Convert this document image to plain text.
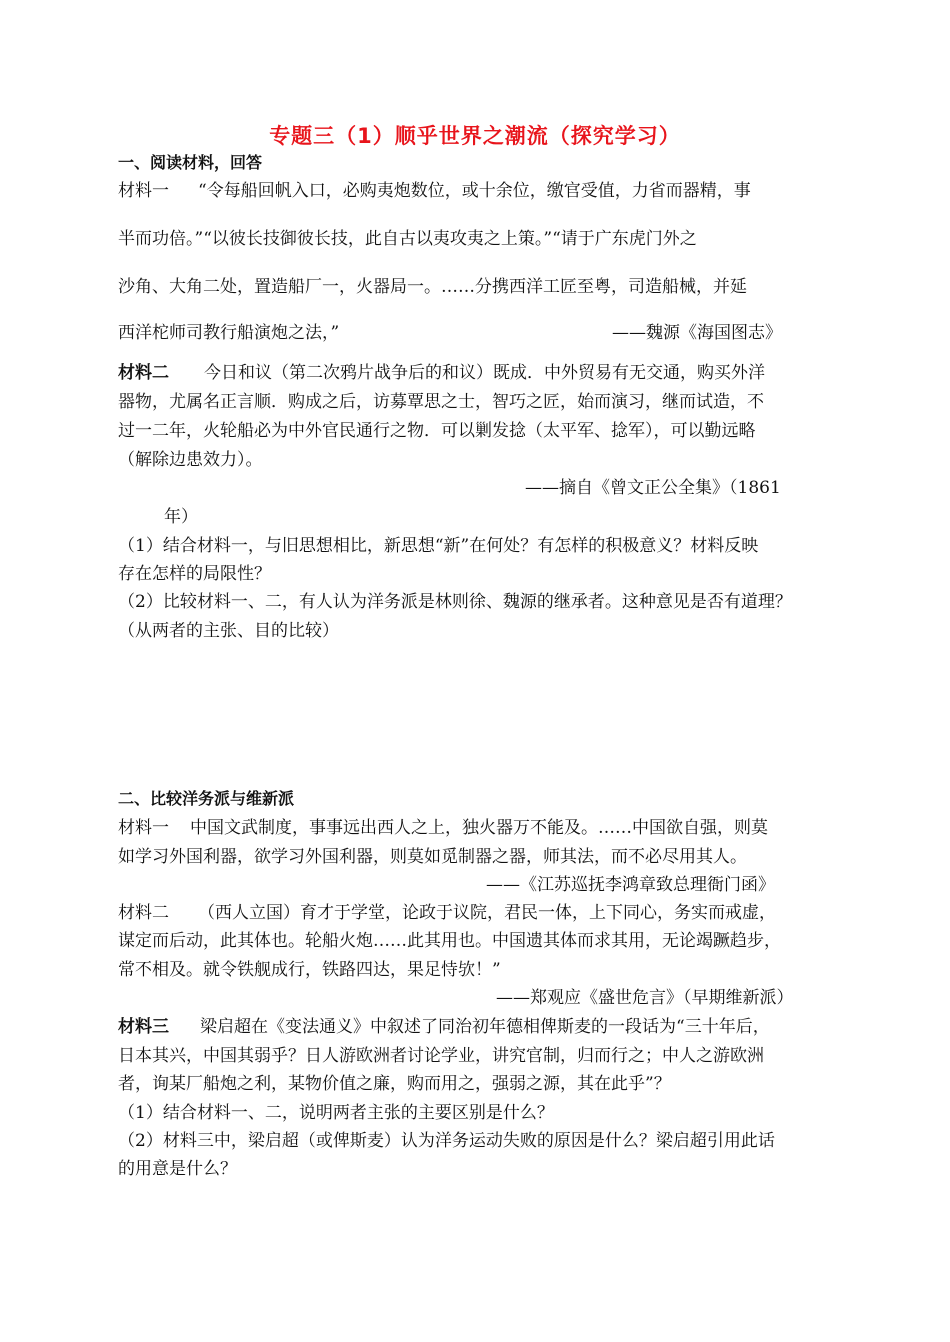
专题三（1）顺乎世界之潮流（探究学习）
一、阅读材料，回答
材料一 “令每船回帆入口，必购夷炮数位，或十余位，缴官受值，力省而器精，事
半而功倍。”“以彼长技御彼长技，此自古以夷攻夷之上策。”“请于广东虎门外之
沙角、大角二处，置造船厂一，火器局一。……分携西洋工匠至粤，司造船械，并延
西洋柁师司教行船演炮之法，”	——魏源《海国图志》
材料二 今日和议（第二次鸦片战争后的和议）既成．中外贸易有无交通，购买外洋
器物，尤属名正言顺．购成之后，访募覃思之士，智巧之匠，始而演习，继而试造，不
过一二年，火轮船必为中外官民通行之物．可以剿发捻（太平军、捻军），可以勤远略
（解除边患效力）。
——摘自《曾文正公全集》（1861
年）
（1）结合材料一，与旧思想相比，新思想“新”在何处？有怎样的积极意义？材料反映
存在怎样的局限性？
（2）比较材料一、二，有人认为洋务派是林则徐、魏源的继承者。这种意见是否有道理？
（从两者的主张、目的比较）
二、比较洋务派与维新派
材料一 中国文武制度，事事远出西人之上，独火器万不能及。……中国欲自强，则莫
如学习外国利器，欲学习外国利器，则莫如觅制器之器，师其法，而不必尽用其人。
——《江苏巡抚李鸿章致总理衙门函》
材料二 （西人立国）育才于学堂，论政于议院，君民一体，上下同心，务实而戒虚，
谋定而后动，此其体也。轮船火炮……此其用也。中国遗其体而求其用，无论竭蹶趋步，
常不相及。就令铁舰成行，铁路四达，果足恃欤！”
——郑观应《盛世危言》（早期维新派）
材料三 梁启超在《变法通义》中叙述了同治初年德相俾斯麦的一段话为“三十年后，
日本其兴，中国其弱乎？日人游欧洲者讨论学业，讲究官制，归而行之；中人之游欧洲
者，询某厂船炮之利，某物价值之廉，购而用之，强弱之源，其在此乎”？
（1）结合材料一、二，说明两者主张的主要区别是什么？
（2）材料三中，梁启超（或俾斯麦）认为洋务运动失败的原因是什么？梁启超引用此话
的用意是什么？
